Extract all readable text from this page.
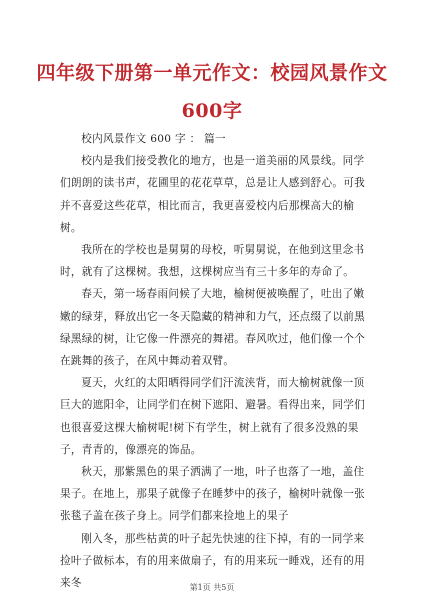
四年级下册第一单元作文：校园风景作文
600字

校内风景作文 600 字 ： 篇一

校内是我们接受教化的地方，也是一道美丽的风景线。同学们朗朗的读书声，花圃里的花花草草，总是让人感到舒心。可我并不喜爱这些花草，相比而言，我更喜爱校内后那棵高大的榆树。

我所在的学校也是舅舅的母校，听舅舅说，在他到这里念书时，就有了这棵树。我想，这棵树应当有三十多年的寿命了。

春天，第一场春雨问候了大地，榆树便被唤醒了，吐出了嫩嫩的绿芽，释放出它一冬天隐藏的精神和力气，还点缀了以前黑绿黑绿的树，让它像一件漂亮的舞裙。春风吹过，他们像一个个在跳舞的孩子，在风中舞动着双臂。

夏天，火红的太阳晒得同学们汗流浃背，而大榆树就像一顶巨大的遮阳伞，让同学们在树下遮阳、避暑。看得出来，同学们也很喜爱这棵大榆树呢!树下有学生，树上就有了很多没熟的果子，青青的，像漂亮的饰品。

秋天，那紫黑色的果子洒满了一地，叶子也落了一地，盖住果子。在地上，那果子就像子在睡梦中的孩子，榆树叶就像一张张毯子盖在孩子身上。同学们都来捡地上的果子

刚入冬，那些枯黄的叶子起先快速的往下掉，有的一同学来捡叶子做标本，有的用来做扇子，有的用来玩一睡戏，还有的用来冬	第1页 共5页
